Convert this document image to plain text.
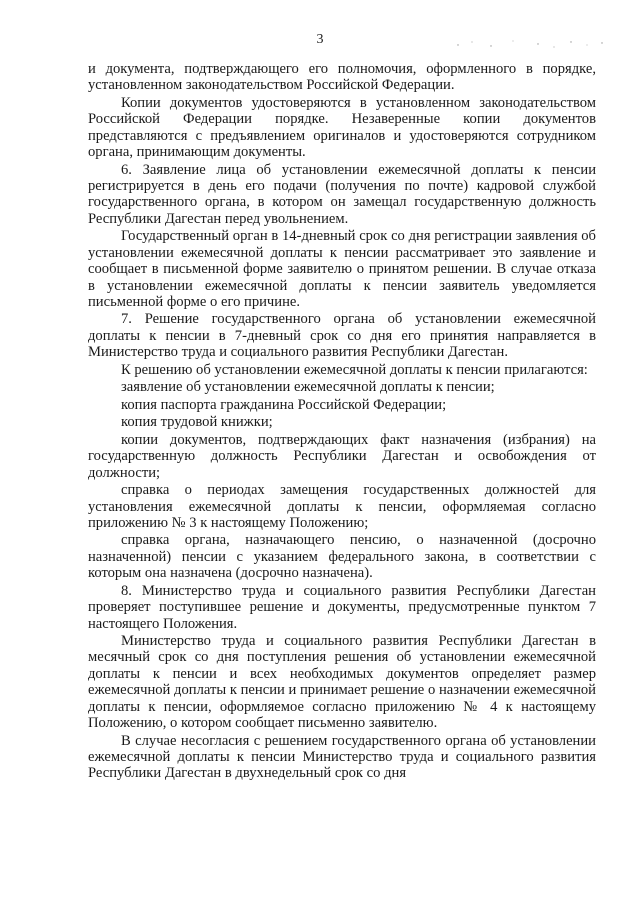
3

и документа, подтверждающего его полномочия, оформленного в порядке, установленном законодательством Российской Федерации.

Копии документов удостоверяются в установленном законодательством Российской Федерации порядке. Незаверенные копии документов представляются с предъявлением оригиналов и удостоверяются сотрудником органа, принимающим документы.

6. Заявление лица об установлении ежемесячной доплаты к пенсии регистрируется в день его подачи (получения по почте) кадровой службой государственного органа, в котором он замещал государственную должность Республики Дагестан перед увольнением.

Государственный орган в 14-дневный срок со дня регистрации заявления об установлении ежемесячной доплаты к пенсии рассматривает это заявление и сообщает в письменной форме заявителю о принятом решении. В случае отказа в установлении ежемесячной доплаты к пенсии заявитель уведомляется письменной форме о его причине.

7. Решение государственного органа об установлении ежемесячной доплаты к пенсии в 7-дневный срок со дня его принятия направляется в Министерство труда и социального развития Республики Дагестан.

К решению об установлении ежемесячной доплаты к пенсии прилагаются:

заявление об установлении ежемесячной доплаты к пенсии;

копия паспорта гражданина Российской Федерации;

копия трудовой книжки;

копии документов, подтверждающих факт назначения (избрания) на государственную должность Республики Дагестан и освобождения от должности;

справка о периодах замещения государственных должностей для установления ежемесячной доплаты к пенсии, оформляемая согласно приложению № 3 к настоящему Положению;

справка органа, назначающего пенсию, о назначенной (досрочно назначенной) пенсии с указанием федерального закона, в соответствии с которым она назначена (досрочно назначена).

8. Министерство труда и социального развития Республики Дагестан проверяет поступившее решение и документы, предусмотренные пунктом 7 настоящего Положения.

Министерство труда и социального развития Республики Дагестан в месячный срок со дня поступления решения об установлении ежемесячной доплаты к пенсии и всех необходимых документов определяет размер ежемесячной доплаты к пенсии и принимает решение о назначении ежемесячной доплаты к пенсии, оформляемое согласно приложению № 4 к настоящему Положению, о котором сообщает письменно заявителю.

В случае несогласия с решением государственного органа об установлении ежемесячной доплаты к пенсии Министерство труда и социального развития Республики Дагестан в двухнедельный срок со дня
